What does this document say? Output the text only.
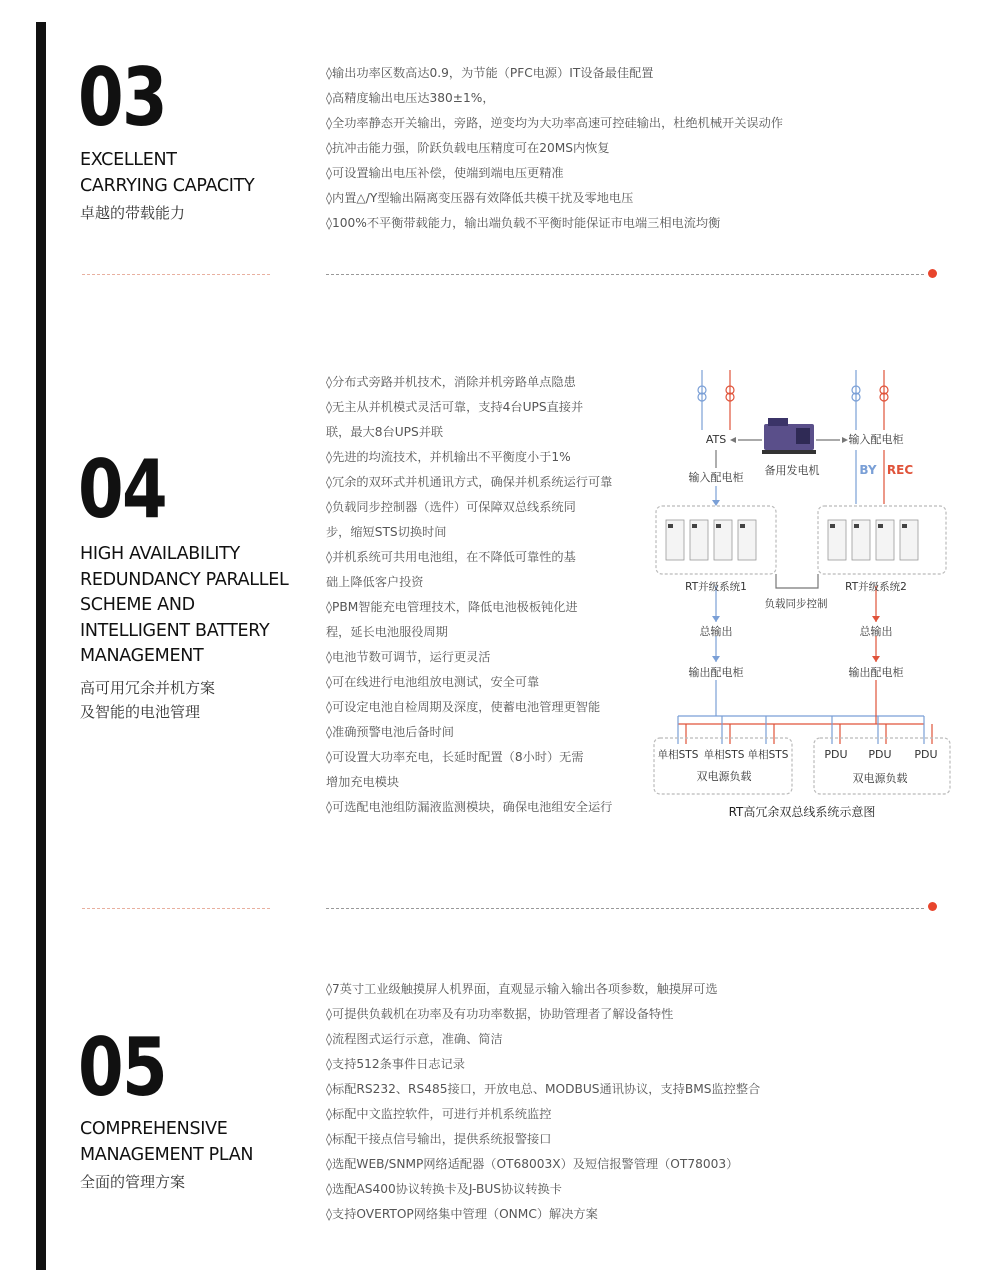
03
EXCELLENT
CARRYING CAPACITY
卓越的带载能力
◊输出功率区数高达0.9，为节能（PFC电源）IT设备最佳配置
◊高精度输出电压达380±1%，
◊全功率静态开关输出，旁路，逆变均为大功率高速可控硅输出，杜绝机械开关误动作
◊抗冲击能力强，阶跃负载电压精度可在20MS内恢复
◊可设置输出电压补偿，使端到端电压更精准
◊内置△/Y型输出隔离变压器有效降低共模干扰及零地电压
◊100%不平衡带载能力，输出端负载不平衡时能保证市电端三相电流均衡
04
HIGH AVAILABILITY
REDUNDANCY PARALLEL
SCHEME AND
INTELLIGENT BATTERY
MANAGEMENT
高可用冗余并机方案
及智能的电池管理
◊分布式旁路并机技术，消除并机旁路单点隐患
◊无主从并机模式灵活可靠，支持4台UPS直接并
联，最大8台UPS并联
◊先进的均流技术，并机输出不平衡度小于1%
◊冗余的双环式并机通讯方式，确保并机系统运行可靠
◊负载同步控制器（选件）可保障双总线系统同
步，缩短STS切换时间
◊并机系统可共用电池组，在不降低可靠性的基
础上降低客户投资
◊PBM智能充电管理技术，降低电池极板钝化进
程，延长电池服役周期
◊电池节数可调节，运行更灵活
◊可在线进行电池组放电测试，安全可靠
◊可设定电池自检周期及深度，使蓄电池管理更智能
◊准确预警电池后备时间
◊可设置大功率充电，长延时配置（8小时）无需
增加充电模块
◊可选配电池组防漏液监测模块，确保电池组安全运行
ATS	输入配电柜
输入配电柜
备用发电机	BY REC
RT并级系统1	RT并级系统2
负载同步控制
总输出	总输出
输出配电柜	输出配电柜
单相STS 单相STS 单相STS	PDU PDU PDU
双电源负载	双电源负载
RT高冗余双总线系统示意图
05
COMPREHENSIVE
MANAGEMENT PLAN
全面的管理方案
◊7英寸工业级触摸屏人机界面，直观显示输入输出各项参数，触摸屏可选
◊可提供负载机在功率及有功功率数据，协助管理者了解设备特性
◊流程图式运行示意，准确、简洁
◊支持512条事件日志记录
◊标配RS232、RS485接口，开放电总、MODBUS通讯协议，支持BMS监控整合
◊标配中文监控软件，可进行并机系统监控
◊标配干接点信号输出，提供系统报警接口
◊选配WEB/SNMP网络适配器（OT68003X）及短信报警管理（OT78003）
◊选配AS400协议转换卡及J-BUS协议转换卡
◊支持OVERTOP网络集中管理（ONMC）解决方案
